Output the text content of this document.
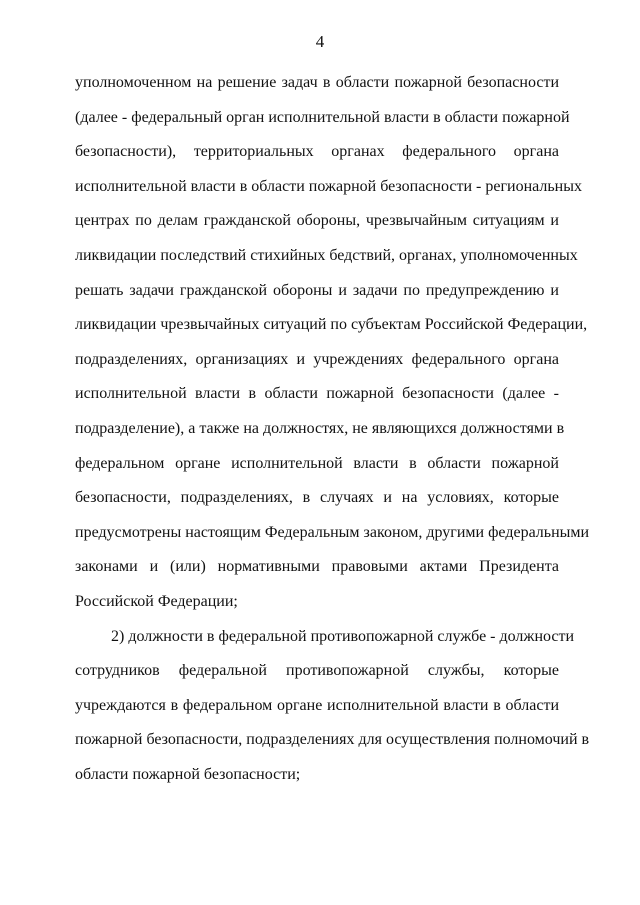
4
уполномоченном на решение задач в области пожарной безопасности
(далее - федеральный орган исполнительной власти в области пожарной
безопасности), территориальных органах федерального органа
исполнительной власти в области пожарной безопасности - региональных
центрах по делам гражданской обороны, чрезвычайным ситуациям и
ликвидации последствий стихийных бедствий, органах, уполномоченных
решать задачи гражданской обороны и задачи по предупреждению и
ликвидации чрезвычайных ситуаций по субъектам Российской Федерации,
подразделениях, организациях и учреждениях федерального органа
исполнительной власти в области пожарной безопасности (далее -
подразделение), а также на должностях, не являющихся должностями в
федеральном органе исполнительной власти в области пожарной
безопасности, подразделениях, в случаях и на условиях, которые
предусмотрены настоящим Федеральным законом, другими федеральными
законами и (или) нормативными правовыми актами Президента
Российской Федерации;
2) должности в федеральной противопожарной службе - должности
сотрудников федеральной противопожарной службы, которые
учреждаются в федеральном органе исполнительной власти в области
пожарной безопасности, подразделениях для осуществления полномочий в
области пожарной безопасности;
